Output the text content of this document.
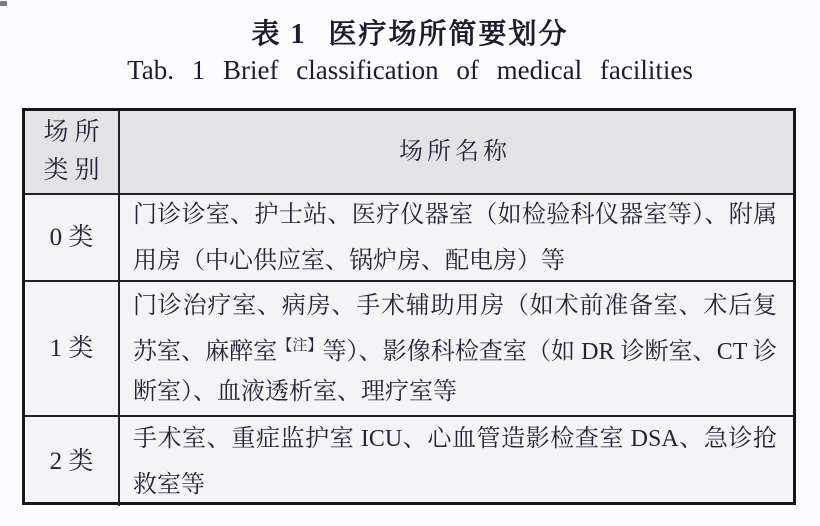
表 1 医疗场所简要划分
Tab. 1 Brief classification of medical facilities
场所
类别

场所名称

0 类

门诊诊室、护士站、医疗仪器室（如检验科仪器室等）、附属用房（中心供应室、锅炉房、配电房）等

1 类

门诊治疗室、病房、手术辅助用房（如术前准备室、术后复苏室、麻醉室$^{【注】}$等）、影像科检查室（如 DR 诊断室、CT 诊断室）、血液透析室、理疗室等

2 类

手术室、重症监护室 ICU、心血管造影检查室 DSA、急诊抢救室等
